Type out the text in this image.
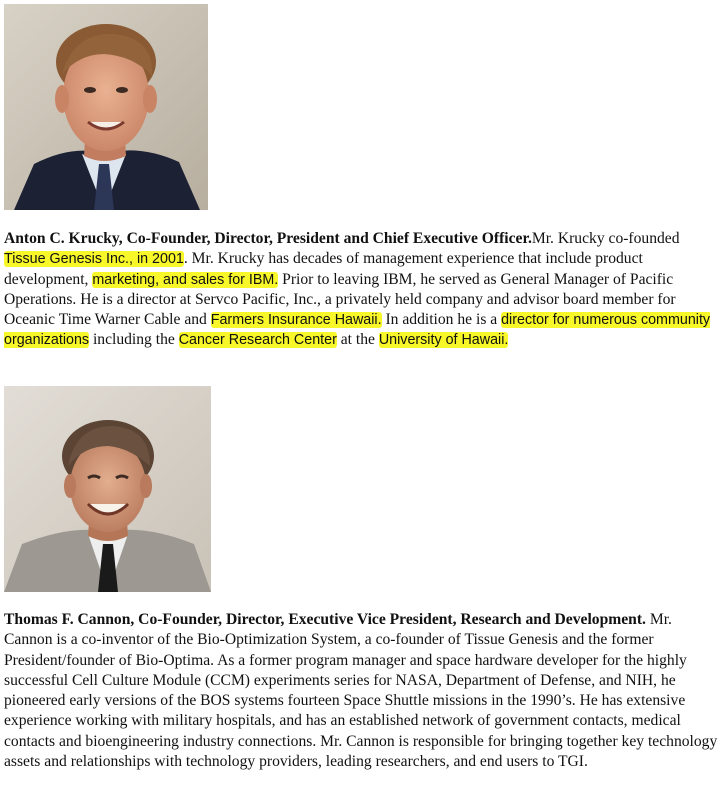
Anton C. Krucky, Co-Founder, Director, President and Chief Executive Officer.Mr. Krucky co-founded Tissue Genesis Inc., in 2001. Mr. Krucky has decades of management experience that include product development, marketing, and sales for IBM. Prior to leaving IBM, he served as General Manager of Pacific Operations. He is a director at Servco Pacific, Inc., a privately held company and advisor board member for Oceanic Time Warner Cable and Farmers Insurance Hawaii. In addition he is a director for numerous community organizations including the Cancer Research Center at the University of Hawaii.

Thomas F. Cannon, Co-Founder, Director, Executive Vice President, Research and Development. Mr. Cannon is a co-inventor of the Bio-Optimization System, a co-founder of Tissue Genesis and the former President/founder of Bio-Optima. As a former program manager and space hardware developer for the highly successful Cell Culture Module (CCM) experiments series for NASA, Department of Defense, and NIH, he pioneered early versions of the BOS systems fourteen Space Shuttle missions in the 1990’s. He has extensive experience working with military hospitals, and has an established network of government contacts, medical contacts and bioengineering industry connections. Mr. Cannon is responsible for bringing together key technology assets and relationships with technology providers, leading researchers, and end users to TGI.
